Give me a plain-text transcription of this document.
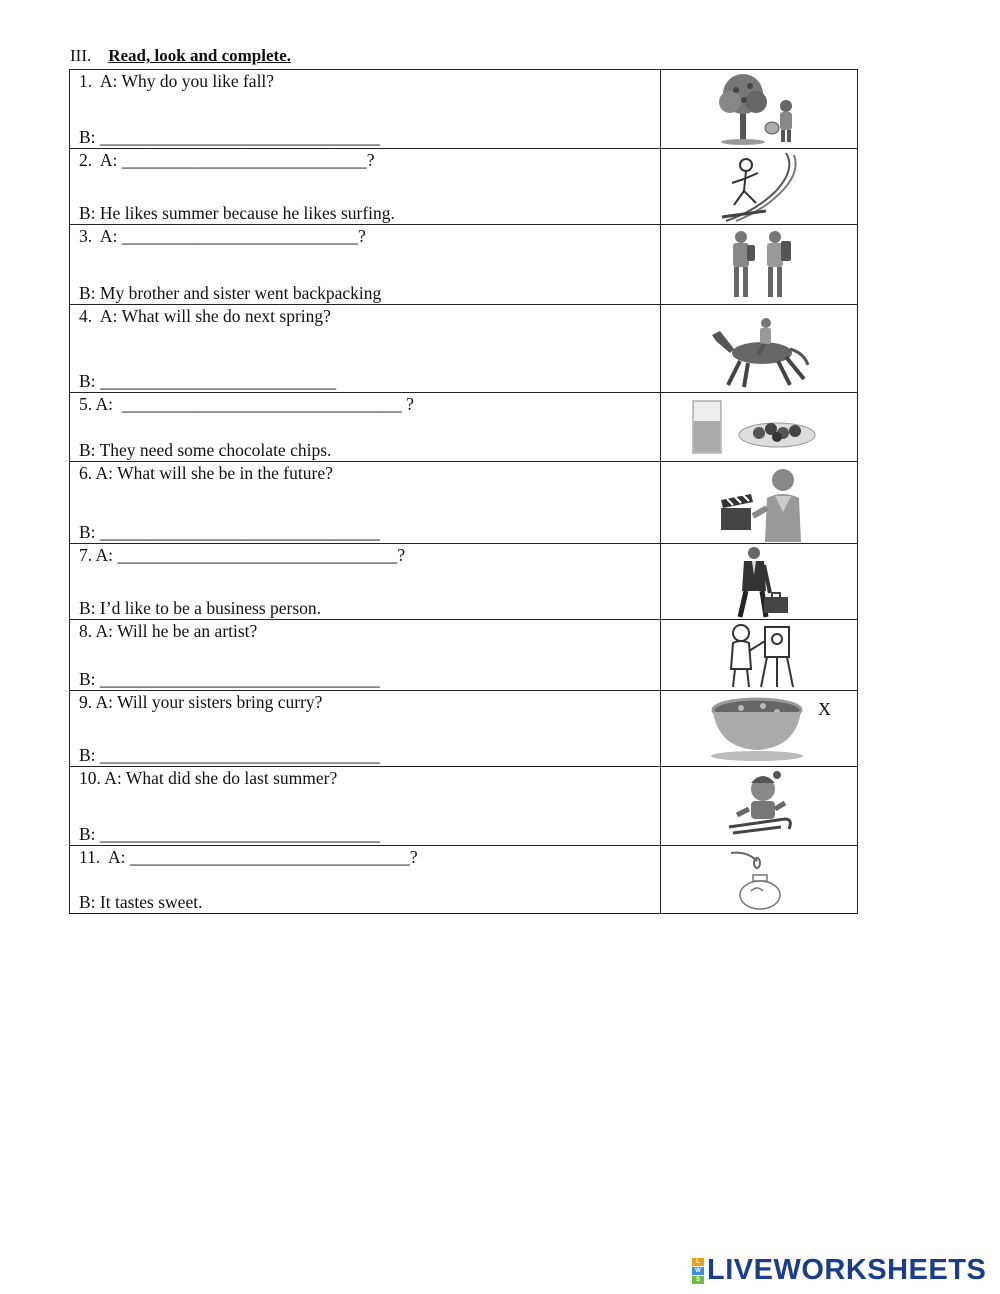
III. Read, look and complete.
1.  A: Why do you like fall?
B: ________________________________

2.  A: ____________________________?
B: He likes summer because he likes surfing.

3.  A: ___________________________?
B: My brother and sister went backpacking

4.  A: What will she do next spring?
B: ___________________________

5. A:  ________________________________ ?
B: They need some chocolate chips.

6. A: What will she be in the future?
B: ________________________________

7. A: ________________________________?
B: I’d like to be a business person.

8. A: Will he be an artist?
B: ________________________________

9. A: Will your sisters bring curry?
B: ________________________________	X

10. A: What did she do last summer?
B: ________________________________

11.  A: ________________________________?
B: It tastes sweet.

L
W
S LIVEWORKSHEETS
